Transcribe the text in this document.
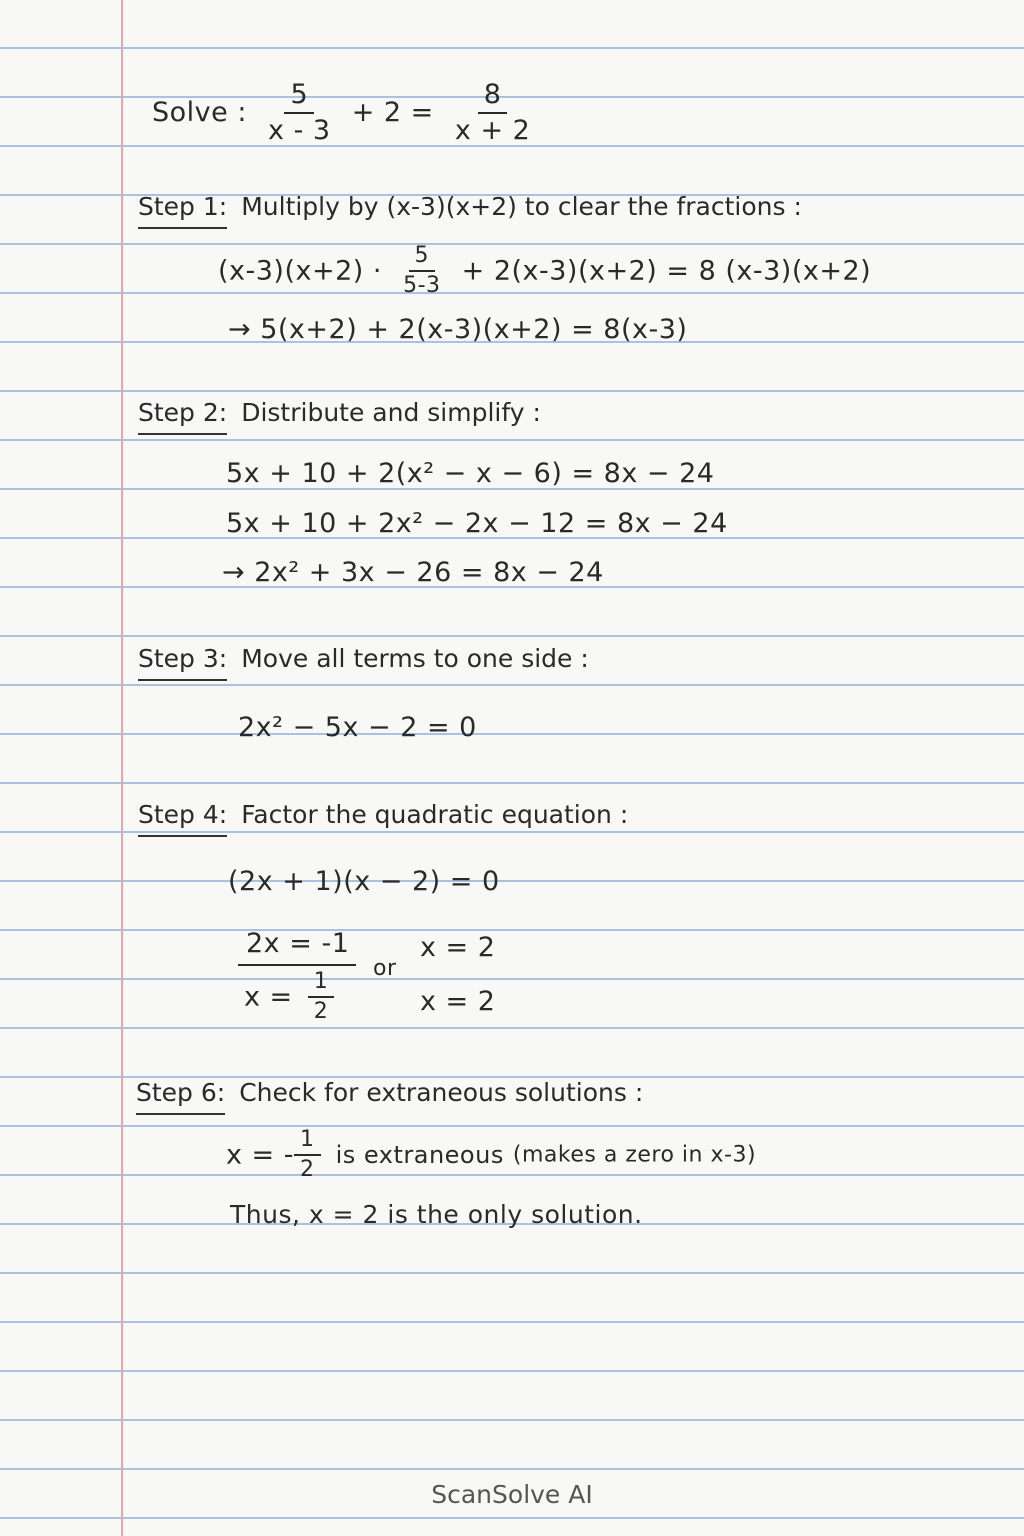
Solve : $\frac{5}{x - 3} + 2 = \frac{8}{x + 2}$
Step 1: Multiply by (x-3)(x+2) to clear the fractions :
$(x-3)(x+2) \cdot \frac{5}{5-3} + 2(x-3)(x+2) = 8$ (x-3)(x+2)
→ 5(x+2) + 2(x-3)(x+2) = 8(x-3)
Step 2: Distribute and simplify :
5x + 10 + 2(x² − x − 6) = 8x − 24
5x + 10 + 2x² − 2x − 12 = 8x − 24
→ 2x² + 3x − 26 = 8x − 24
Step 3: Move all terms to one side :
2x² − 5x − 2 = 0
Step 4: Factor the quadratic equation :
(2x + 1)(x − 2) = 0
2x = -1
$x = \frac{1}{2}$
or
x = 2
x = 2
Step 6: Check for extraneous solutions :
x = - $\frac{1}{2}$ is extraneous (makes a zero in x-3)
Thus, x = 2 is the only solution.
ScanSolve AI
